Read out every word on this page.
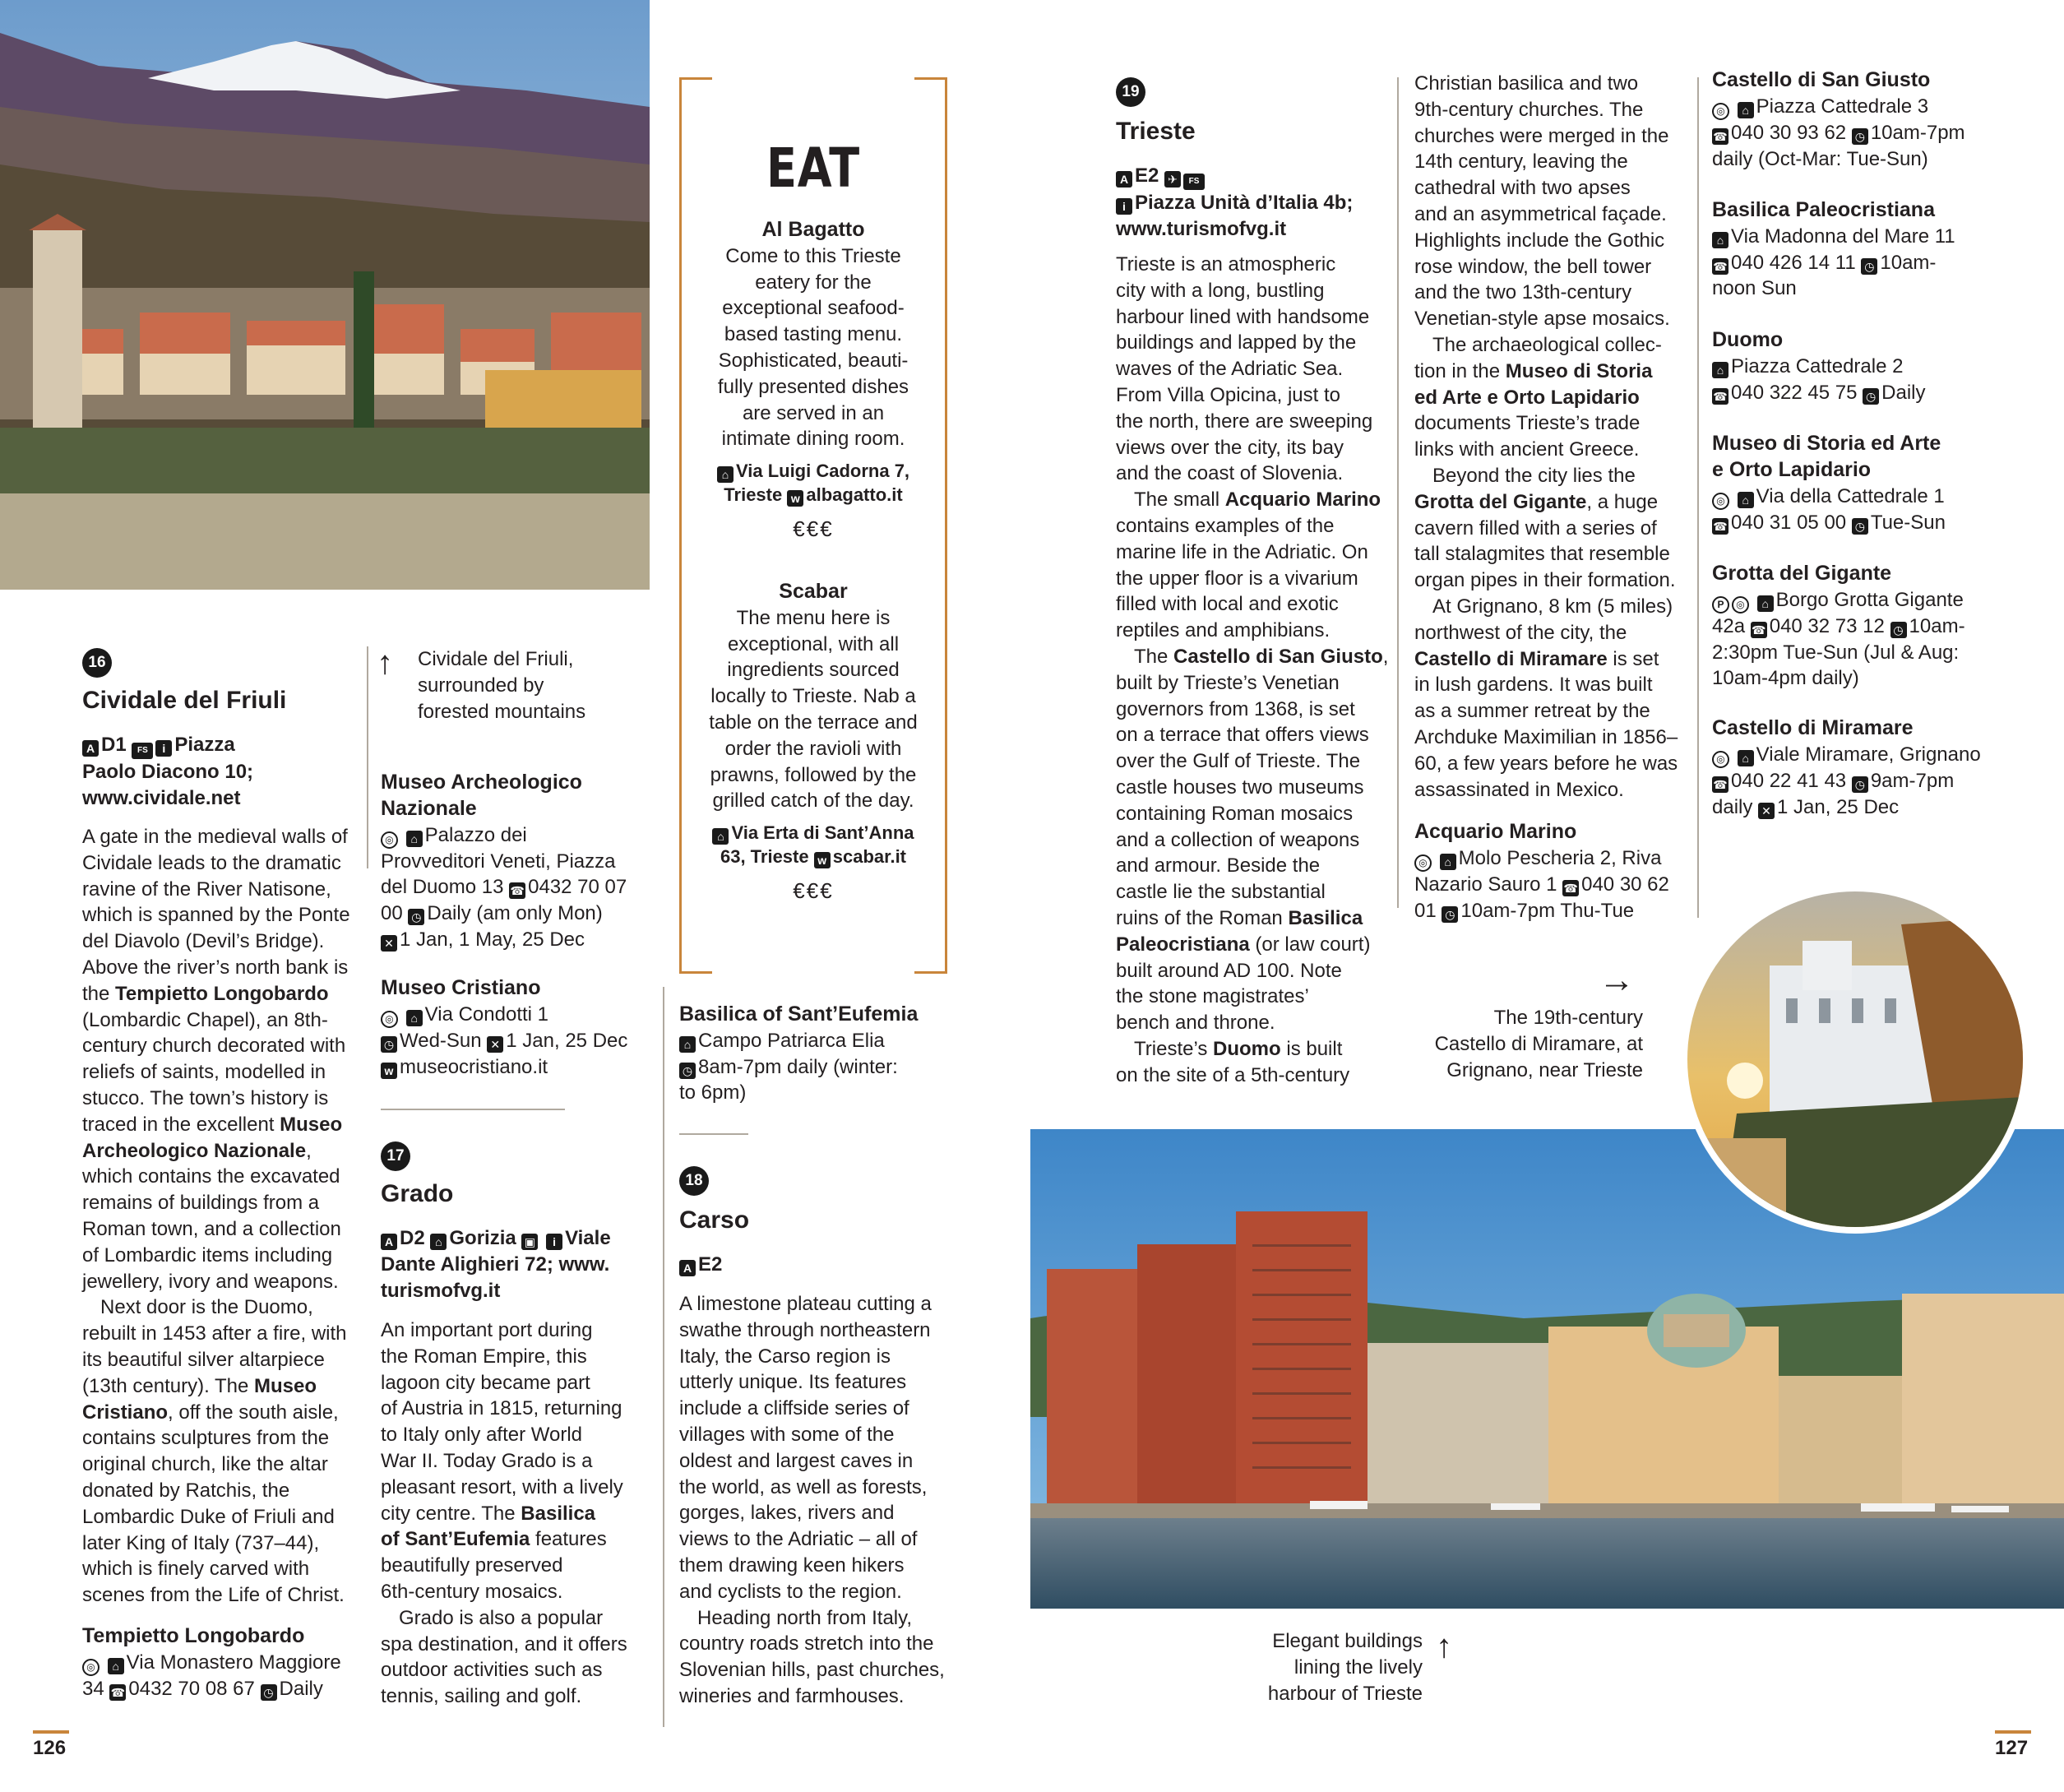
16
Cividale del Friuli
A D1 FS i Piazza
Paolo Diacono 10;
www.cividale.net
A gate in the medieval walls of
Cividale leads to the dramatic
ravine of the River Natisone,
which is spanned by the Ponte
del Diavolo (Devil’s Bridge).
Above the river’s north bank is
the Tempietto Longobardo
(Lombardic Chapel), an 8th-
century church decorated with
reliefs of saints, modelled in
stucco. The town’s history is
traced in the excellent Museo
Archeologico Nazionale,
which contains the excavated
remains of buildings from a
Roman town, and a collection
of Lombardic items including
jewellery, ivory and weapons.
Next door is the Duomo,
rebuilt in 1453 after a fire, with
its beautiful silver altarpiece
(13th century). The Museo
Cristiano, off the south aisle,
contains sculptures from the
original church, like the altar
donated by Ratchis, the
Lombardic Duke of Friuli and
later King of Italy (737–44),
which is finely carved with
scenes from the Life of Christ.
Tempietto Longobardo
◎ ⌂ Via Monastero Maggiore
34 ☎ 0432 70 08 67 ◷ Daily
↑ Cividale del Friuli,
surrounded by
forested mountains
Museo Archeologico
Nazionale
◎ ⌂ Palazzo dei
Provveditori Veneti, Piazza
del Duomo 13 ☎ 0432 70 07
00 ◷ Daily (am only Mon)
✕ 1 Jan, 1 May, 25 Dec
Museo Cristiano
◎ ⌂ Via Condotti 1
◷ Wed-Sun ✕ 1 Jan, 25 Dec
w museocristiano.it
17
Grado
A D2 ⌂ Gorizia ▣ i Viale
Dante Alighieri 72; www.
turismofvg.it
An important port during
the Roman Empire, this
lagoon city became part
of Austria in 1815, returning
to Italy only after World
War II. Today Grado is a
pleasant resort, with a lively
city centre. The Basilica
of Sant’Eufemia features
beautifully preserved
6th-century mosaics.
Grado is also a popular
spa destination, and it offers
outdoor activities such as
tennis, sailing and golf.
EAT
Al Bagatto
Come to this Trieste
eatery for the
exceptional seafood-
based tasting menu.
Sophisticated, beauti-
fully presented dishes
are served in an
intimate dining room.
⌂ Via Luigi Cadorna 7,
Trieste w albagatto.it
€€€
Scabar
The menu here is
exceptional, with all
ingredients sourced
locally to Trieste. Nab a
table on the terrace and
order the ravioli with
prawns, followed by the
grilled catch of the day.
⌂ Via Erta di Sant’Anna
63, Trieste w scabar.it
€€€
Basilica of Sant’Eufemia
⌂ Campo Patriarca Elia
◷ 8am-7pm daily (winter:
to 6pm)
18
Carso
A E2
A limestone plateau cutting a
swathe through northeastern
Italy, the Carso region is
utterly unique. Its features
include a cliffside series of
villages with some of the
oldest and largest caves in
the world, as well as forests,
gorges, lakes, rivers and
views to the Adriatic – all of
them drawing keen hikers
and cyclists to the region.
Heading north from Italy,
country roads stretch into the
Slovenian hills, past churches,
wineries and farmhouses.
126
19
Trieste
A E2 ✈ FS
i Piazza Unità d’Italia 4b;
www.turismofvg.it
Trieste is an atmospheric
city with a long, bustling
harbour lined with handsome
buildings and lapped by the
waves of the Adriatic Sea.
From Villa Opicina, just to
the north, there are sweeping
views over the city, its bay
and the coast of Slovenia.
The small Acquario Marino
contains examples of the
marine life in the Adriatic. On
the upper floor is a vivarium
filled with local and exotic
reptiles and amphibians.
The Castello di San Giusto,
built by Trieste’s Venetian
governors from 1368, is set
on a terrace that offers views
over the Gulf of Trieste. The
castle houses two museums
containing Roman mosaics
and a collection of weapons
and armour. Beside the
castle lie the substantial
ruins of the Roman Basilica
Paleocristiana (or law court)
built around AD 100. Note
the stone magistrates’
bench and throne.
Trieste’s Duomo is built
on the site of a 5th-century
Christian basilica and two
9th-century churches. The
churches were merged in the
14th century, leaving the
cathedral with two apses
and an asymmetrical façade.
Highlights include the Gothic
rose window, the bell tower
and the two 13th-century
Venetian-style apse mosaics.
The archaeological collec-
tion in the Museo di Storia
ed Arte e Orto Lapidario
documents Trieste’s trade
links with ancient Greece.
Beyond the city lies the
Grotta del Gigante, a huge
cavern filled with a series of
tall stalagmites that resemble
organ pipes in their formation.
At Grignano, 8 km (5 miles)
northwest of the city, the
Castello di Miramare is set
in lush gardens. It was built
as a summer retreat by the
Archduke Maximilian in 1856–
60, a few years before he was
assassinated in Mexico.
Acquario Marino
◎ ⌂ Molo Pescheria 2, Riva
Nazario Sauro 1 ☎ 040 30 62
01 ◷ 10am-7pm Thu-Tue
Castello di San Giusto
◎ ⌂ Piazza Cattedrale 3
☎ 040 30 93 62 ◷ 10am-7pm
daily (Oct-Mar: Tue-Sun)
Basilica Paleocristiana
⌂ Via Madonna del Mare 11
☎ 040 426 14 11 ◷ 10am-
noon Sun
Duomo
⌂ Piazza Cattedrale 2
☎ 040 322 45 75 ◷ Daily
Museo di Storia ed Arte
e Orto Lapidario
◎ ⌂ Via della Cattedrale 1
☎ 040 31 05 00 ◷ Tue-Sun
Grotta del Gigante
P ◎ ⌂ Borgo Grotta Gigante
42a ☎ 040 32 73 12 ◷ 10am-
2:30pm Tue-Sun (Jul & Aug:
10am-4pm daily)
Castello di Miramare
◎ ⌂ Viale Miramare, Grignano
☎ 040 22 41 43 ◷ 9am-7pm
daily ✕ 1 Jan, 25 Dec
→
The 19th-century
Castello di Miramare, at
Grignano, near Trieste
Elegant buildings
lining the lively
harbour of Trieste
↑
127
